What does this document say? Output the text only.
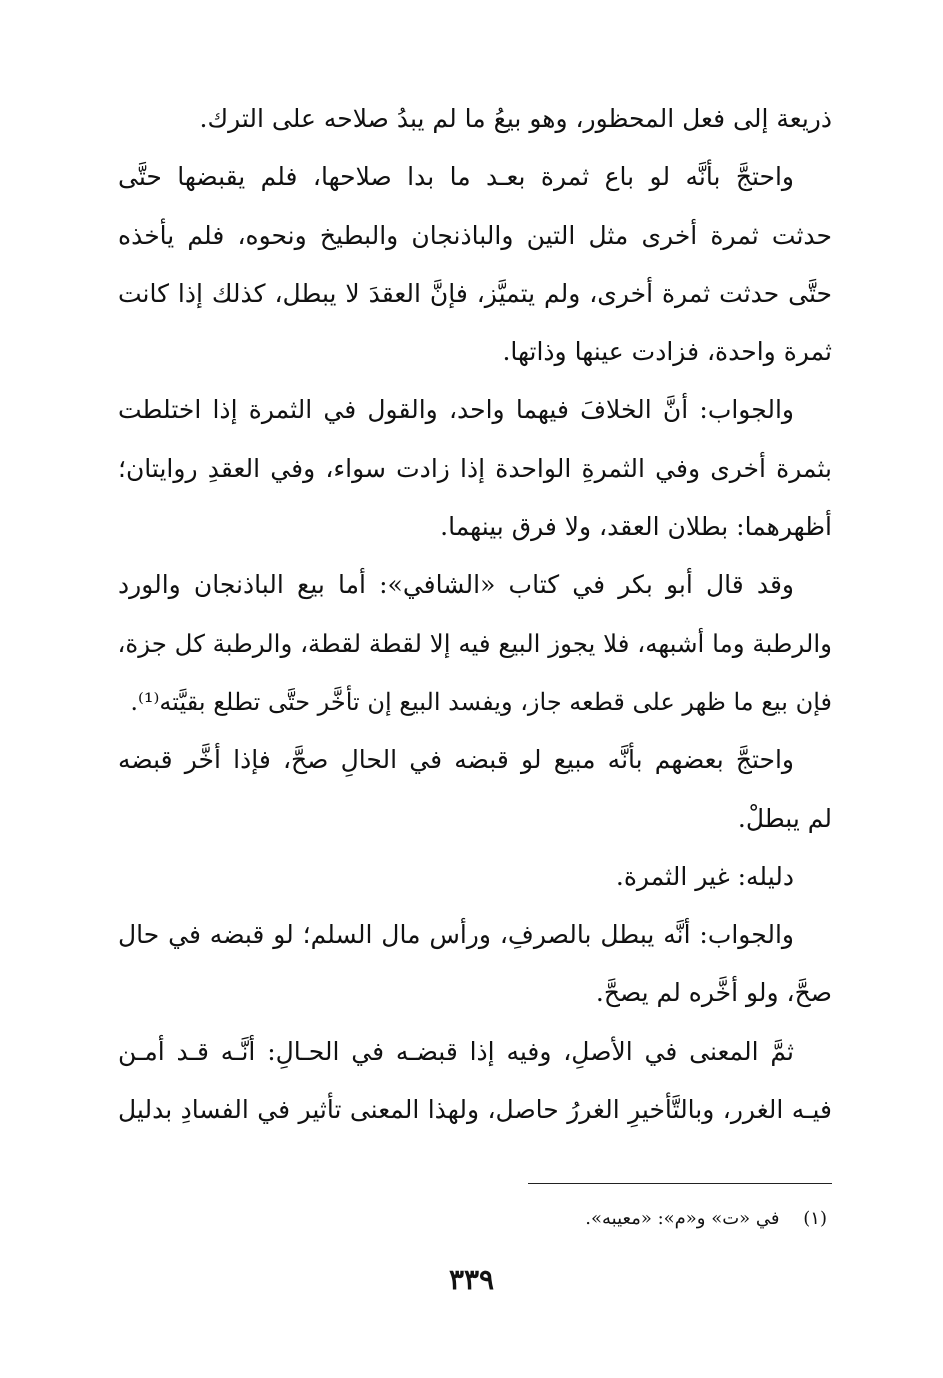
ذريعة إلى فعل المحظور، وهو بيعُ ما لم يبدُ صلاحه على الترك.
واحتجَّ بأنَّه لو باع ثمرة بعـد ما بدا صلاحها، فلم يقبضها حتَّى
حدثت ثمرة أخرى مثل التين والباذنجان والبطيخ ونحوه، فلم يأخذه
حتَّى حدثت ثمرة أخرى، ولم يتميَّز، فإنَّ العقدَ لا يبطل، كذلك إذا كانت
ثمرة واحدة، فزادت عينها وذاتها.
والجواب: أنَّ الخلافَ فيهما واحد، والقول في الثمرة إذا اختلطت
بثمرة أخرى وفي الثمرةِ الواحدة إذا زادت سواء، وفي العقدِ روايتان؛
أظهرهما: بطلان العقد، ولا فرق بينهما.
وقد قال أبو بكر في كتاب «الشافي»: أما بيع الباذنجان والورد
والرطبة وما أشبهه، فلا يجوز البيع فيه إلا لقطة لقطة، والرطبة كل جزة،
فإن بيع ما ظهر على قطعه جاز، ويفسد البيع إن تأخَّر حتَّى تطلع بقيَّته⁽¹⁾.
واحتجَّ بعضهم بأنَّه مبيع لو قبضه في الحالِ صحَّ، فإذا أخَّر قبضه
لم يبطلْ.
دليله: غير الثمرة.
والجواب: أنَّه يبطل بالصرفِ، ورأس مال السلم؛ لو قبضه في حال
صحَّ، ولو أخَّره لم يصحَّ.
ثمَّ المعنى في الأصلِ، وفيه إذا قبضـه في الحـالِ: أنَّـه قـد أمـن
فيـه الغرر، وبالتَّأخيرِ الغررُ حاصل، ولهذا المعنى تأثير في الفسادِ بدليل
(١) في «ت» و«م»: «معيبه».
٣٣٩
